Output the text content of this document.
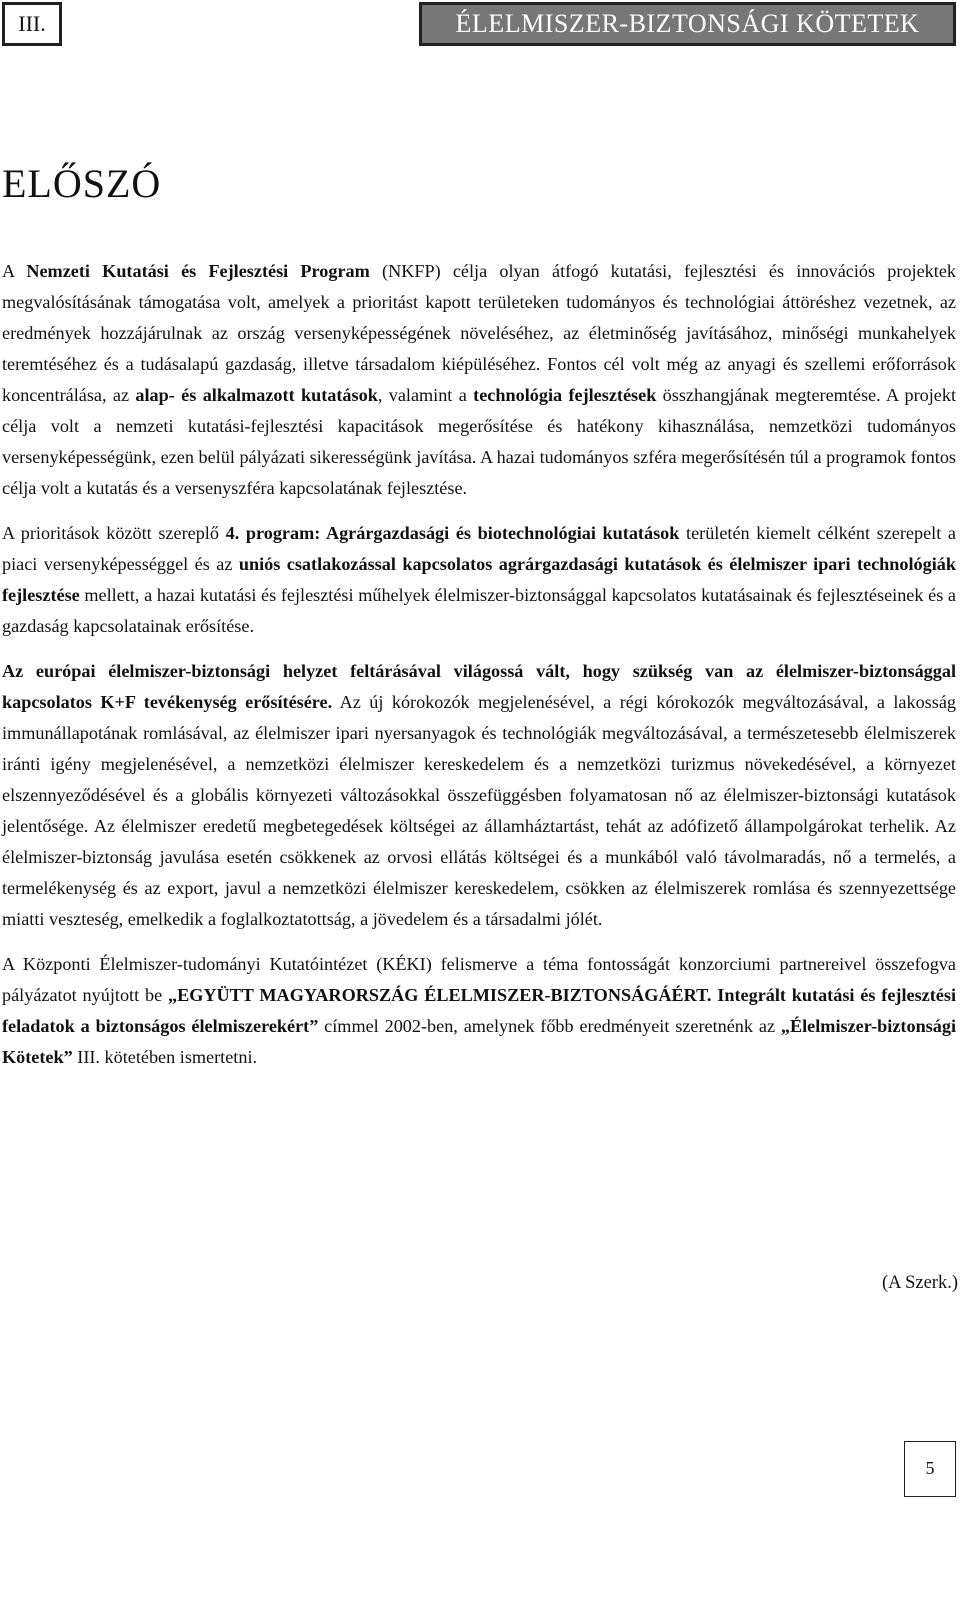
III.	ÉLELMISZER-BIZTONSÁGI KÖTETEK
ELŐSZÓ

A Nemzeti Kutatási és Fejlesztési Program (NKFP) célja olyan átfogó kutatási, fejlesztési és innovációs projektek megvalósításának támogatása volt, amelyek a prioritást kapott területeken tudományos és technológiai áttöréshez vezetnek, az eredmények hozzájárulnak az ország versenyképességének növeléséhez, az életminőség javításához, minőségi munkahelyek teremtéséhez és a tudásalapú gazdaság, illetve társadalom kiépüléséhez. Fontos cél volt még az anyagi és szellemi erőforrások koncentrálása, az alap- és alkalmazott kutatások, valamint a technológia fejlesztések összhangjának megteremtése. A projekt célja volt a nemzeti kutatási-fejlesztési kapacitások megerősítése és hatékony kihasználása, nemzetközi tudományos versenyképességünk, ezen belül pályázati sikerességünk javítása. A hazai tudományos szféra megerősítésén túl a programok fontos célja volt a kutatás és a versenyszféra kapcsolatának fejlesztése.

A prioritások között szereplő 4. program: Agrárgazdasági és biotechnológiai kutatások területén kiemelt célként szerepelt a piaci versenyképességgel és az uniós csatlakozással kapcsolatos agrárgazdasági kutatások és élelmiszer ipari technológiák fejlesztése mellett, a hazai kutatási és fejlesztési műhelyek élelmiszer-biztonsággal kapcsolatos kutatásainak és fejlesztéseinek és a gazdaság kapcsolatainak erősítése.

Az európai élelmiszer-biztonsági helyzet feltárásával világossá vált, hogy szükség van az élelmiszer-biztonsággal kapcsolatos K+F tevékenység erősítésére. Az új kórokozók megjelenésével, a régi kórokozók megváltozásával, a lakosság immunállapotának romlásával, az élelmiszer ipari nyersanyagok és technológiák megváltozásával, a természetesebb élelmiszerek iránti igény megjelenésével, a nemzetközi élelmiszer kereskedelem és a nemzetközi turizmus növekedésével, a környezet elszennyeződésével és a globális környezeti változásokkal összefüggésben folyamatosan nő az élelmiszer-biztonsági kutatások jelentősége. Az élelmiszer eredetű megbetegedések költségei az államháztartást, tehát az adófizető állampolgárokat terhelik. Az élelmiszer-biztonság javulása esetén csökkenek az orvosi ellátás költségei és a munkából való távolmaradás, nő a termelés, a termelékenység és az export, javul a nemzetközi élelmiszer kereskedelem, csökken az élelmiszerek romlása és szennyezettsége miatti veszteség, emelkedik a foglalkoztatottság, a jövedelem és a társadalmi jólét.

A Központi Élelmiszer-tudományi Kutatóintézet (KÉKI) felismerve a téma fontosságát konzorciumi partnereivel összefogva pályázatot nyújtott be „EGYÜTT MAGYARORSZÁG ÉLELMISZER-BIZTONSÁGÁÉRT. Integrált kutatási és fejlesztési feladatok a biztonságos élelmiszerekért” címmel 2002-ben, amelynek főbb eredményeit szeretnénk az „Élelmiszer-biztonsági Kötetek” III. kötetében ismertetni.

(A Szerk.)
5
